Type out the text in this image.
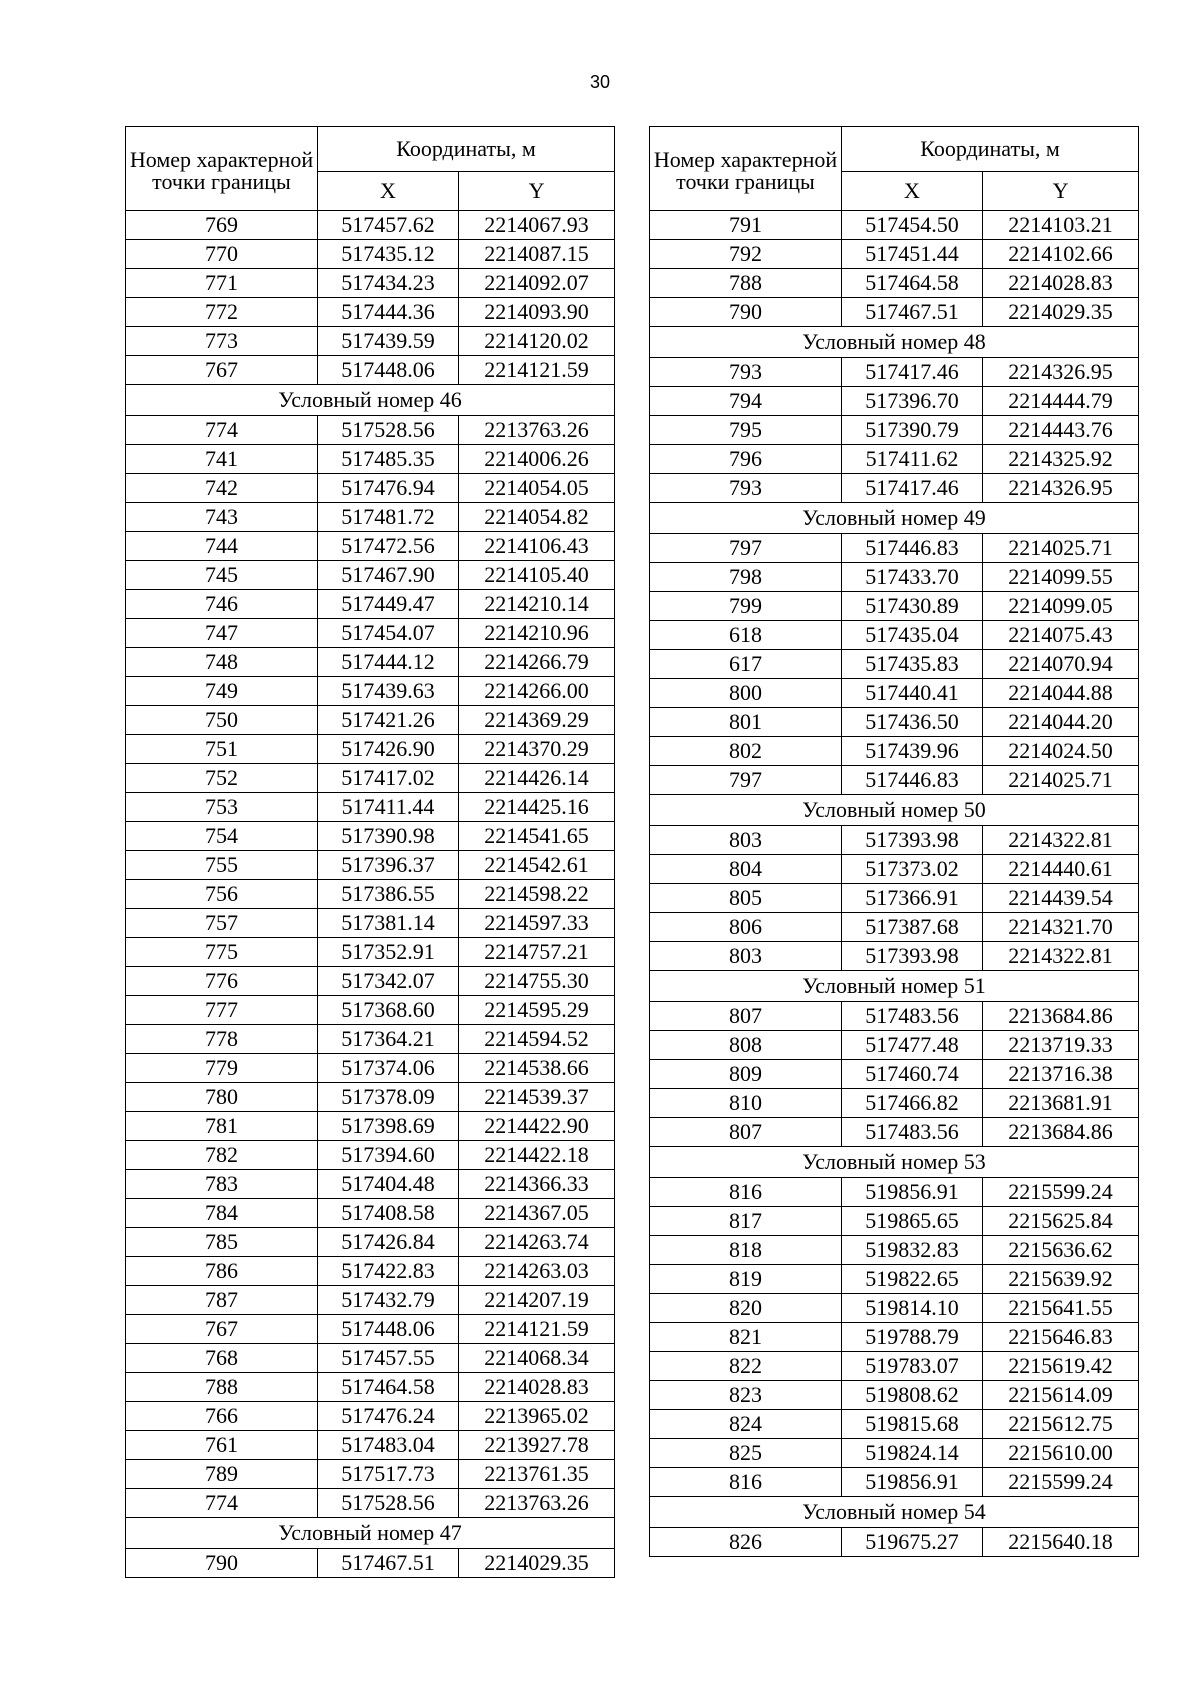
30
Номер характерной точки границы	Координаты, м	
	X	Y
769	517457.62	2214067.93
770	517435.12	2214087.15
771	517434.23	2214092.07
772	517444.36	2214093.90
773	517439.59	2214120.02
767	517448.06	2214121.59
Условный номер 46		
774	517528.56	2213763.26
741	517485.35	2214006.26
742	517476.94	2214054.05
743	517481.72	2214054.82
744	517472.56	2214106.43
745	517467.90	2214105.40
746	517449.47	2214210.14
747	517454.07	2214210.96
748	517444.12	2214266.79
749	517439.63	2214266.00
750	517421.26	2214369.29
751	517426.90	2214370.29
752	517417.02	2214426.14
753	517411.44	2214425.16
754	517390.98	2214541.65
755	517396.37	2214542.61
756	517386.55	2214598.22
757	517381.14	2214597.33
775	517352.91	2214757.21
776	517342.07	2214755.30
777	517368.60	2214595.29
778	517364.21	2214594.52
779	517374.06	2214538.66
780	517378.09	2214539.37
781	517398.69	2214422.90
782	517394.60	2214422.18
783	517404.48	2214366.33
784	517408.58	2214367.05
785	517426.84	2214263.74
786	517422.83	2214263.03
787	517432.79	2214207.19
767	517448.06	2214121.59
768	517457.55	2214068.34
788	517464.58	2214028.83
766	517476.24	2213965.02
761	517483.04	2213927.78
789	517517.73	2213761.35
774	517528.56	2213763.26
Условный номер 47		
790	517467.51	2214029.35
Номер характерной точки границы	Координаты, м	
	X	Y
791	517454.50	2214103.21
792	517451.44	2214102.66
788	517464.58	2214028.83
790	517467.51	2214029.35
Условный номер 48		
793	517417.46	2214326.95
794	517396.70	2214444.79
795	517390.79	2214443.76
796	517411.62	2214325.92
793	517417.46	2214326.95
Условный номер 49		
797	517446.83	2214025.71
798	517433.70	2214099.55
799	517430.89	2214099.05
618	517435.04	2214075.43
617	517435.83	2214070.94
800	517440.41	2214044.88
801	517436.50	2214044.20
802	517439.96	2214024.50
797	517446.83	2214025.71
Условный номер 50		
803	517393.98	2214322.81
804	517373.02	2214440.61
805	517366.91	2214439.54
806	517387.68	2214321.70
803	517393.98	2214322.81
Условный номер 51		
807	517483.56	2213684.86
808	517477.48	2213719.33
809	517460.74	2213716.38
810	517466.82	2213681.91
807	517483.56	2213684.86
Условный номер 53		
816	519856.91	2215599.24
817	519865.65	2215625.84
818	519832.83	2215636.62
819	519822.65	2215639.92
820	519814.10	2215641.55
821	519788.79	2215646.83
822	519783.07	2215619.42
823	519808.62	2215614.09
824	519815.68	2215612.75
825	519824.14	2215610.00
816	519856.91	2215599.24
Условный номер 54		
826	519675.27	2215640.18
